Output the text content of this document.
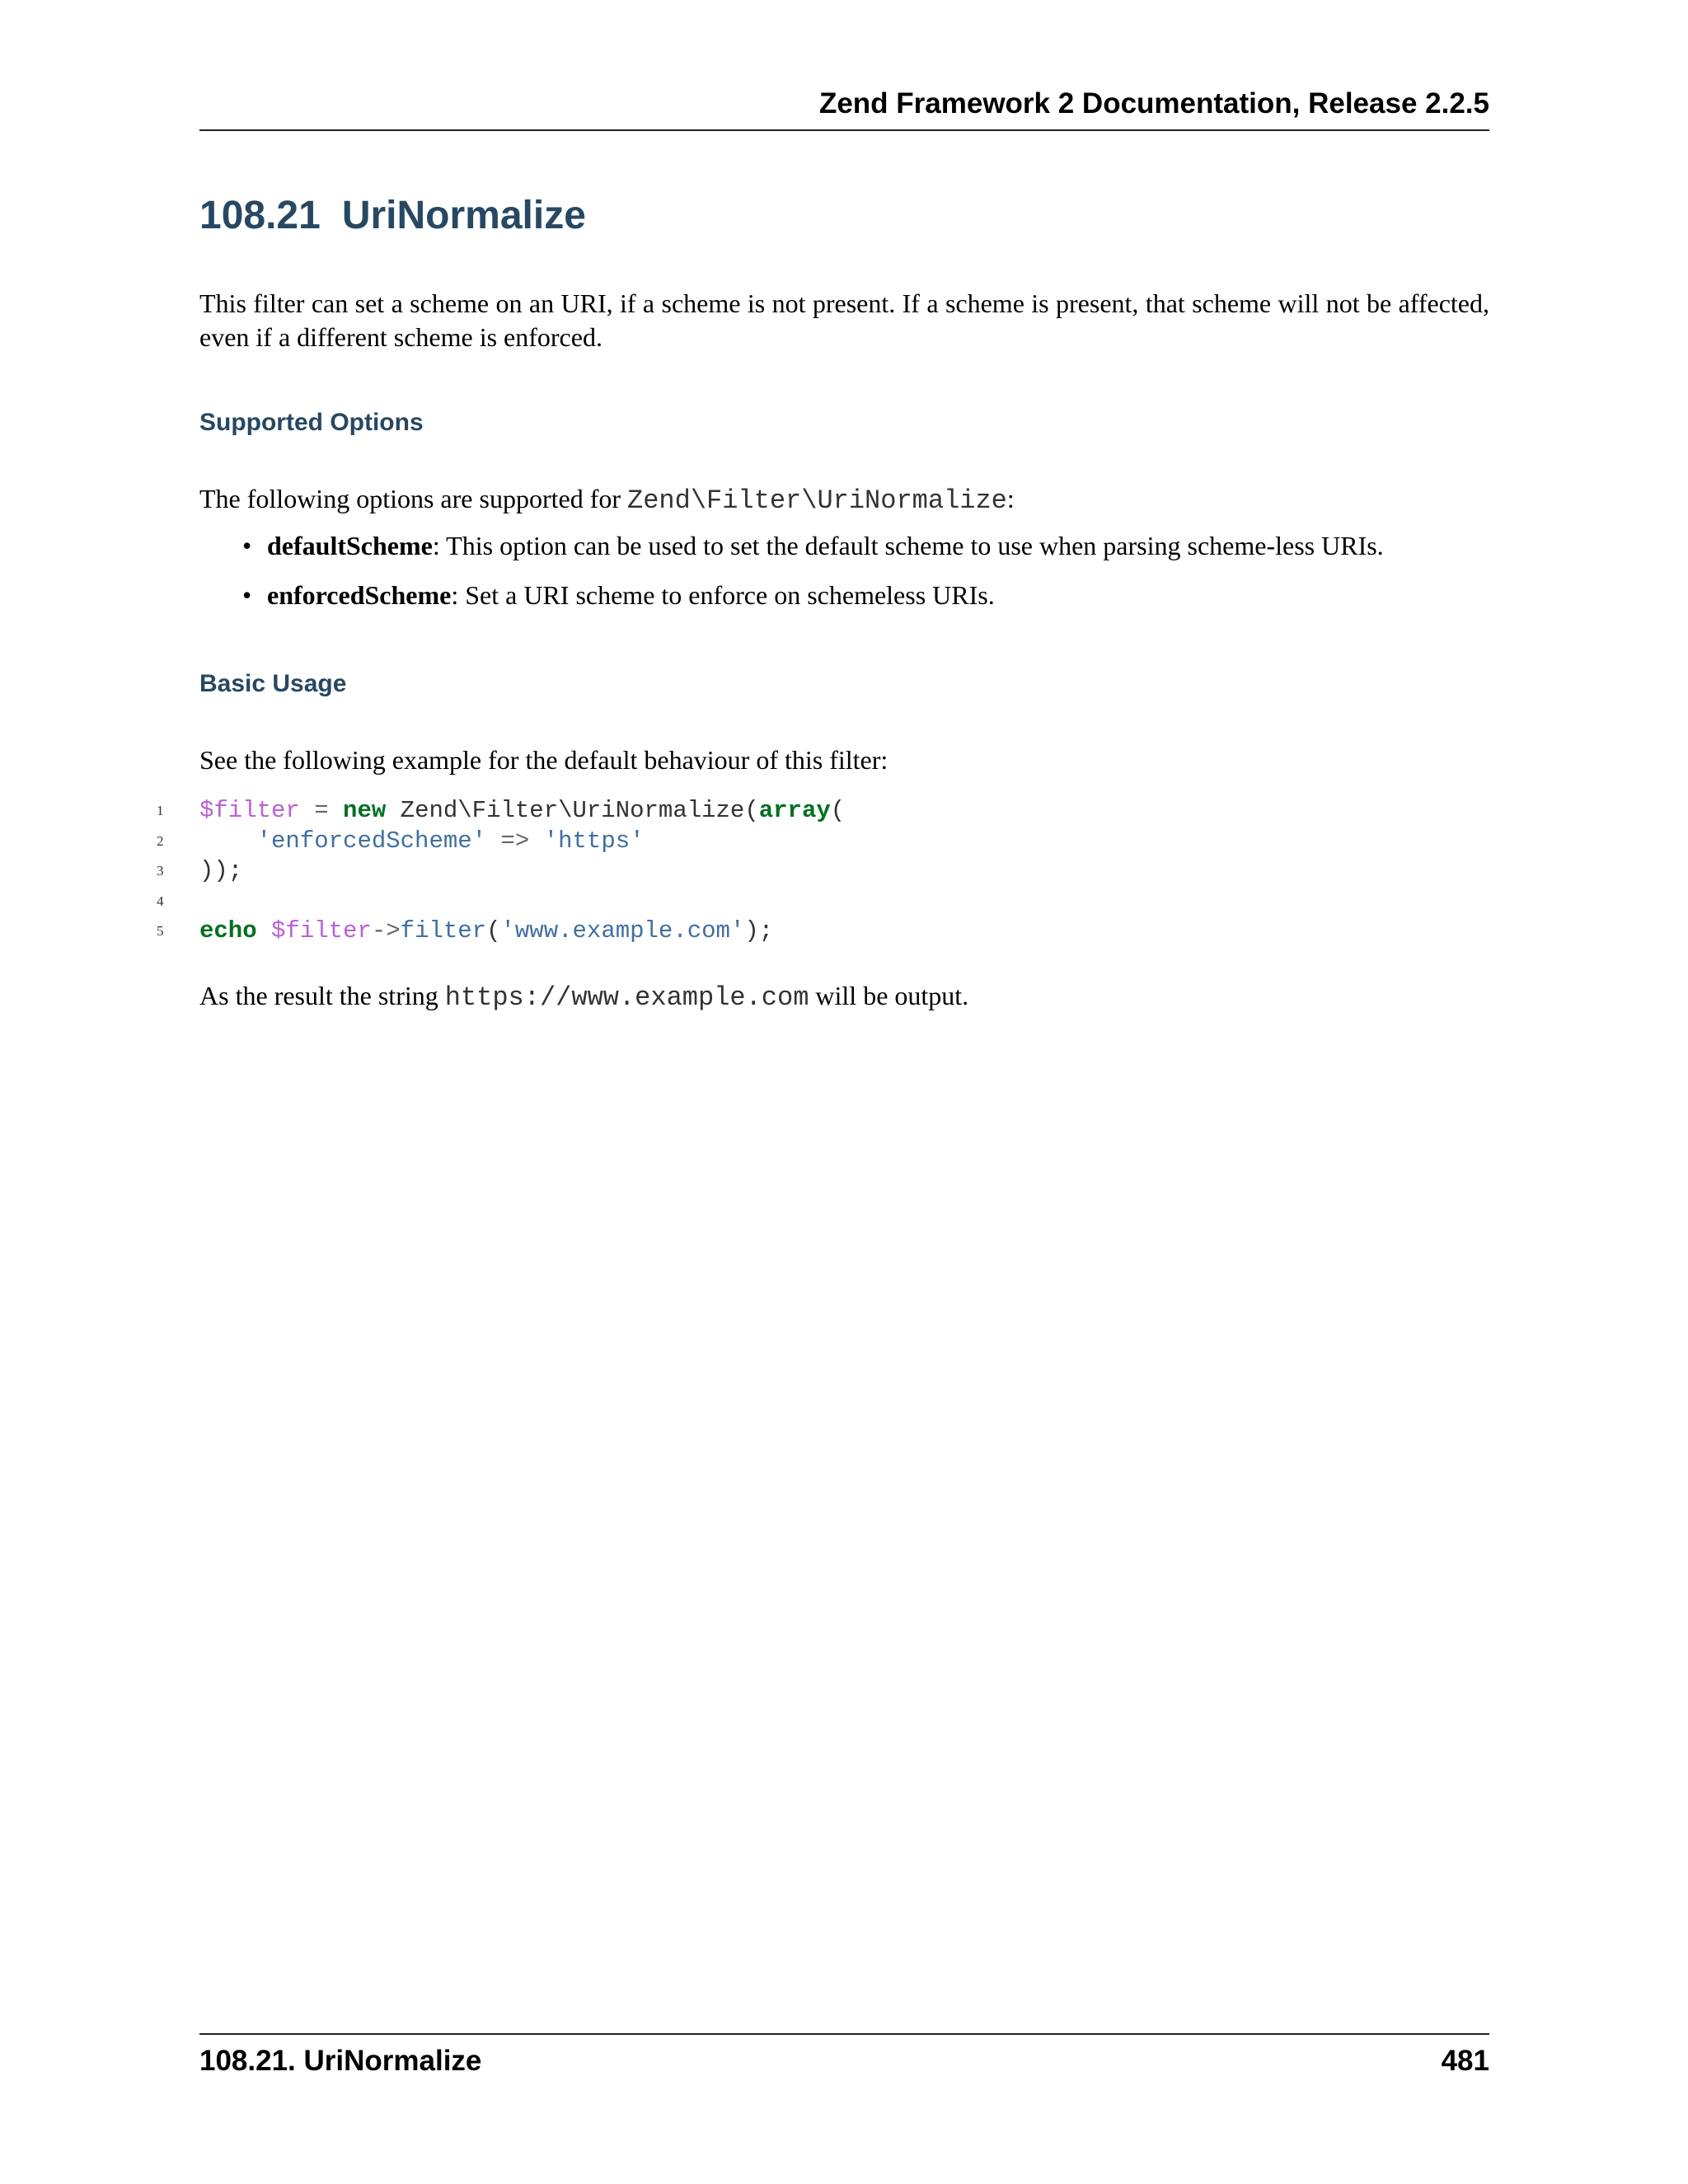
Zend Framework 2 Documentation, Release 2.2.5
108.21 UriNormalize

This filter can set a scheme on an URI, if a scheme is not present. If a scheme is present, that scheme will not be affected, even if a different scheme is enforced.

Supported Options

The following options are supported for Zend\Filter\UriNormalize:

• defaultScheme: This option can be used to set the default scheme to use when parsing scheme-less URIs.
• enforcedScheme: Set a URI scheme to enforce on schemeless URIs.
Basic Usage

See the following example for the default behaviour of this filter:

1	$filter = new Zend\Filter\UriNormalize( array (
2
	'enforcedScheme' => 'https'
3	));
4
5	echo
$filter -> filter ( 'www.example.com' );

As the result the string https://www.example.com will be output.

108.21. UriNormalize	481
